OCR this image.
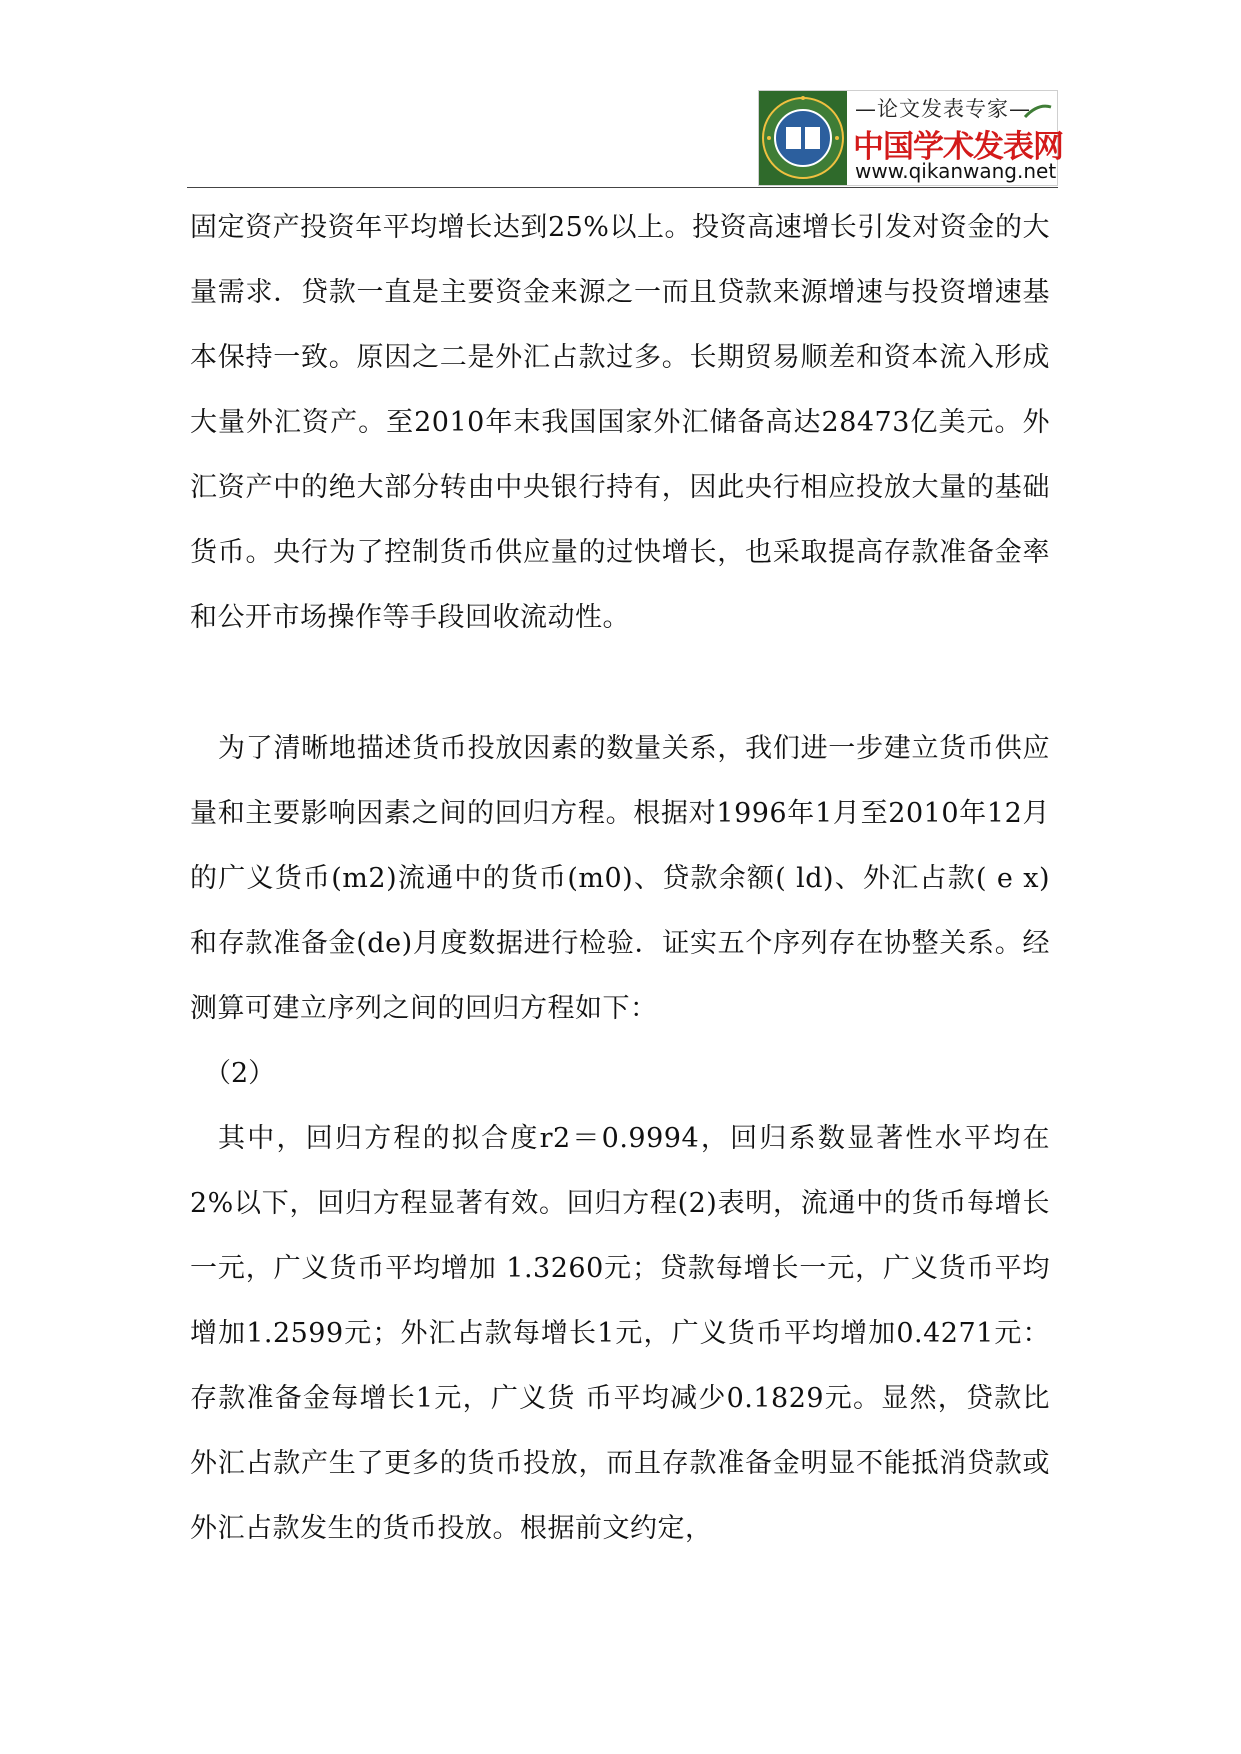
—论文发表专家—
中国学术发表网
www.qikanwang.net

固定资产投资年平均增长达到25%以上。投资高速增长引发对资金的大量需求．贷款一直是主要资金来源之一而且贷款来源增速与投资增速基本保持一致。原因之二是外汇占款过多。长期贸易顺差和资本流入形成大量外汇资产。至2010年末我国国家外汇储备高达28473亿美元。外汇资产中的绝大部分转由中央银行持有，因此央行相应投放大量的基础货币。央行为了控制货币供应量的过快增长，也采取提高存款准备金率和公开市场操作等手段回收流动性。

为了清晰地描述货币投放因素的数量关系，我们进一步建立货币供应量和主要影响因素之间的回归方程。根据对1996年1月至2010年12月的广义货币(m2)流通中的货币(m0)、贷款余额( ld)、外汇占款( e x)和存款准备金(de)月度数据进行检验．证实五个序列存在协整关系。经测算可建立序列之间的回归方程如下：

（2）

其中，回归方程的拟合度r2＝0.9994，回归系数显著性水平均在2%以下，回归方程显著有效。回归方程(2)表明，流通中的货币每增长一元，广义货币平均增加 1.3260元；贷款每增长一元，广义货币平均增加1.2599元；外汇占款每增长1元，广义货币平均增加0.4271元：存款准备金每增长1元，广义货 币平均减少0.1829元。显然，贷款比外汇占款产生了更多的货币投放，而且存款准备金明显不能抵消贷款或外汇占款发生的货币投放。根据前文约定，
